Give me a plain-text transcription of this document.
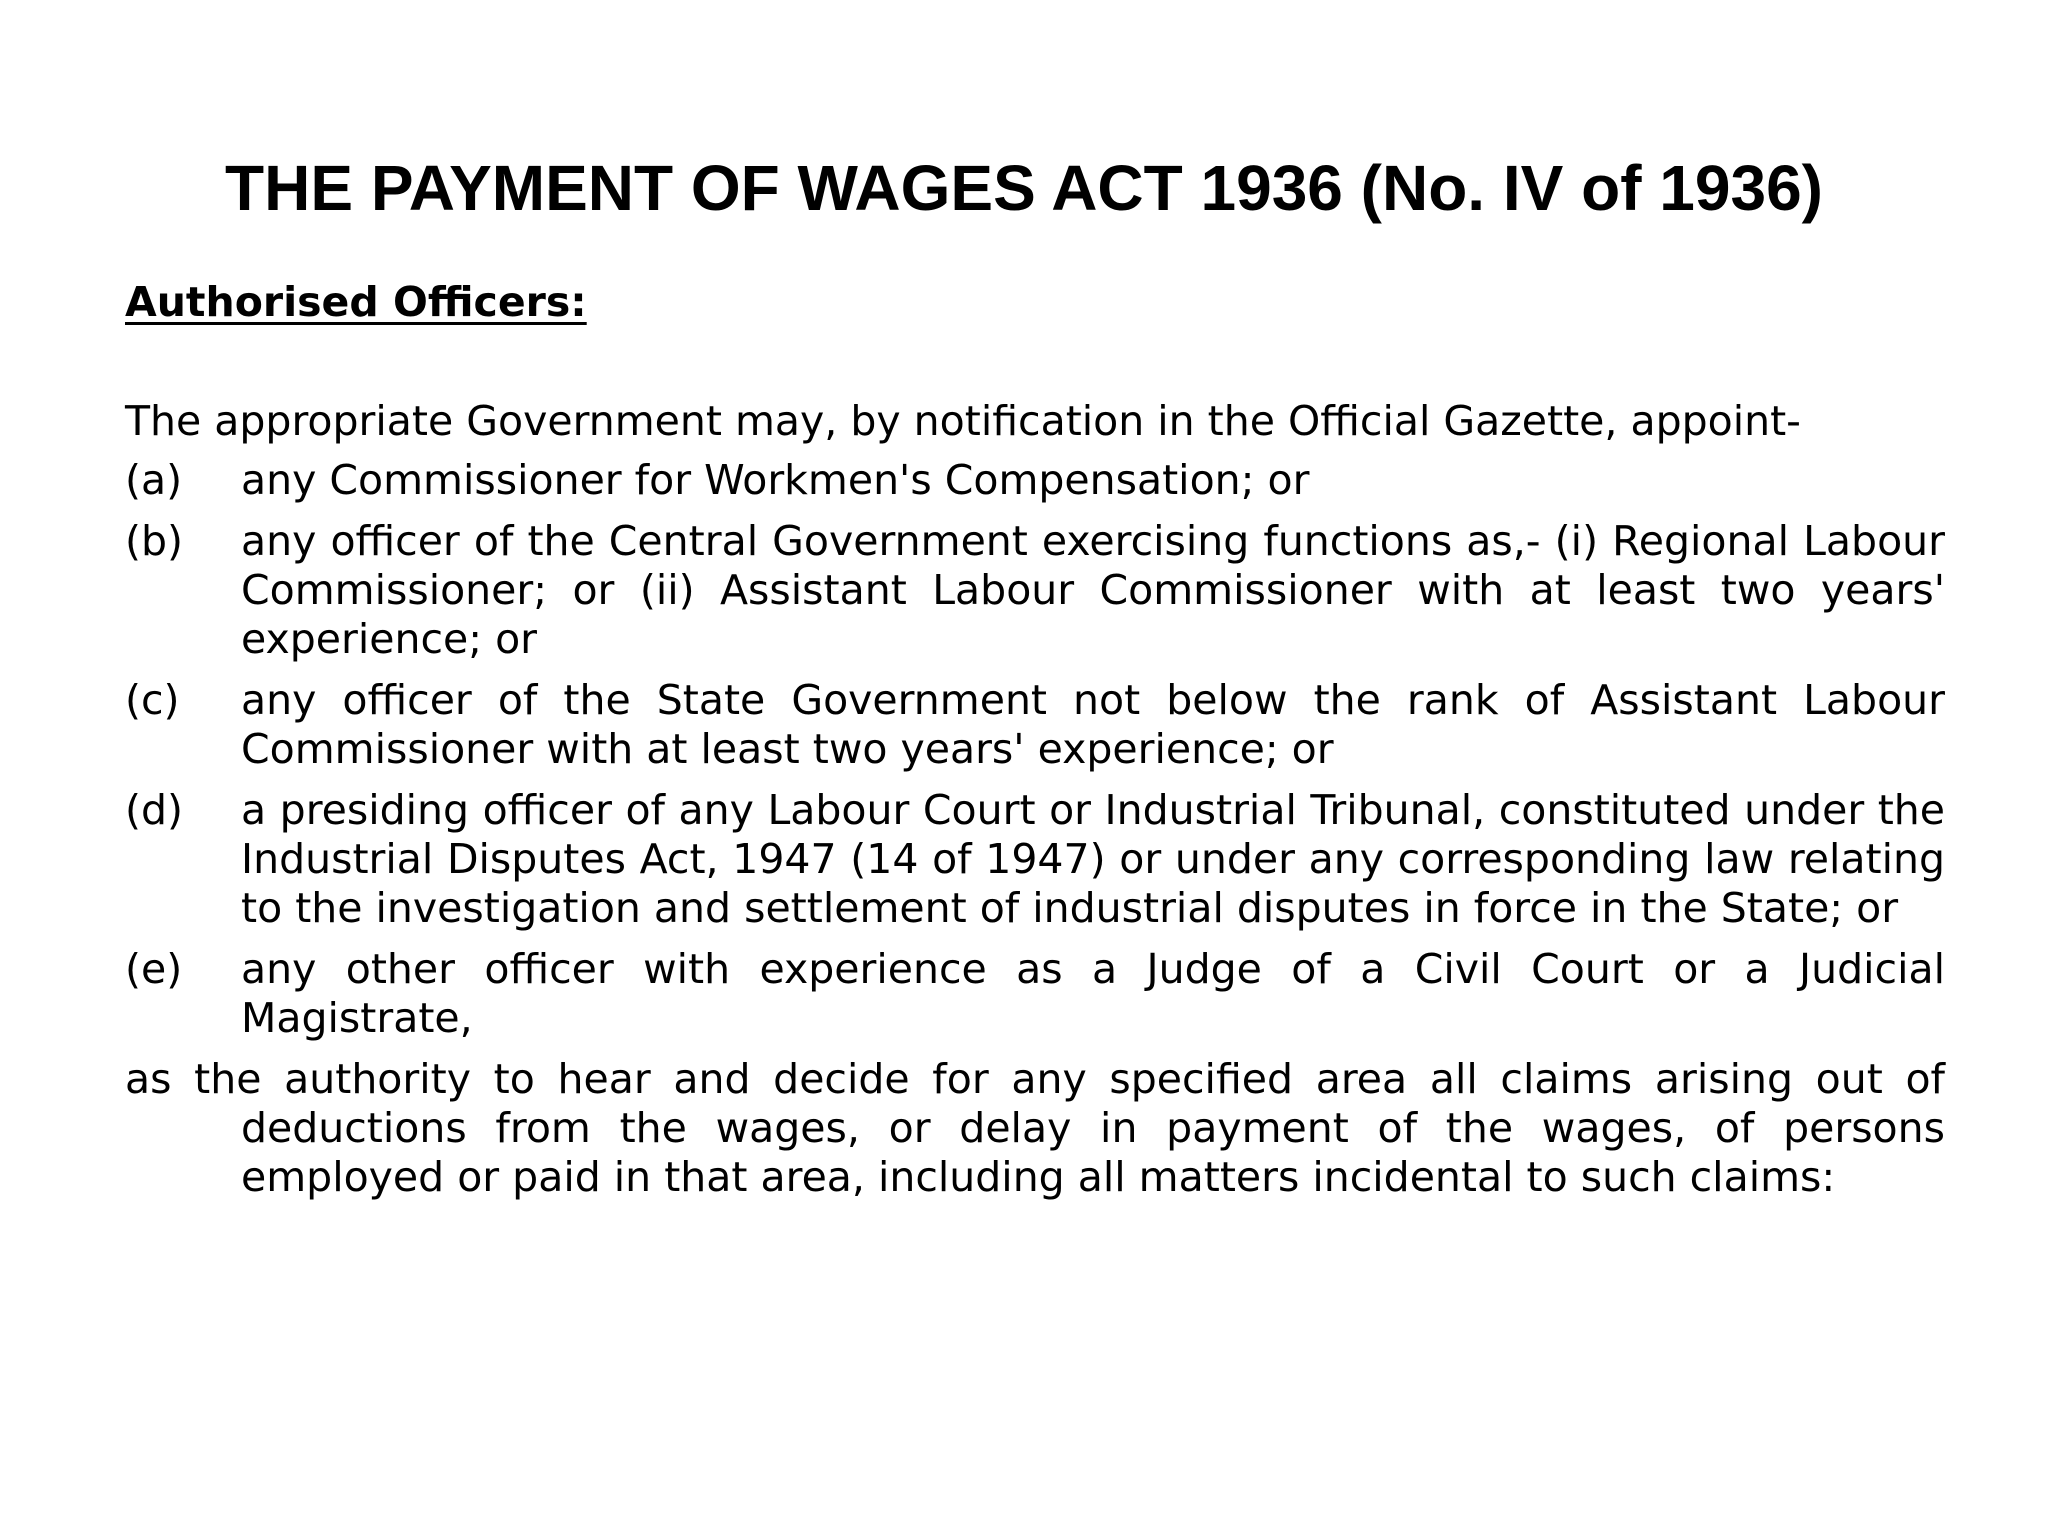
THE PAYMENT OF WAGES ACT 1936 (No. IV of 1936)

Authorised Officers:

The appropriate Government may, by notification in the Official Gazette, appoint-

(a)	any Commissioner for Workmen's Compensation; or
(b)	any officer of the Central Government exercising functions as,- (i) Regional Labour Commissioner; or (ii) Assistant Labour Commissioner with at least two years' experience; or
(c)	any officer of the State Government not below the rank of Assistant Labour Commissioner with at least two years' experience; or
(d)	a presiding officer of any Labour Court or Industrial Tribunal, constituted under the Industrial Disputes Act, 1947 (14 of 1947) or under any corresponding law relating to the investigation and settlement of industrial disputes in force in the State; or
(e)	any other officer with experience as a Judge of a Civil Court or a Judicial Magistrate,

as the authority to hear and decide for any specified area all claims arising out of deductions from the wages, or delay in payment of the wages, of persons employed or paid in that area, including all matters incidental to such claims:
